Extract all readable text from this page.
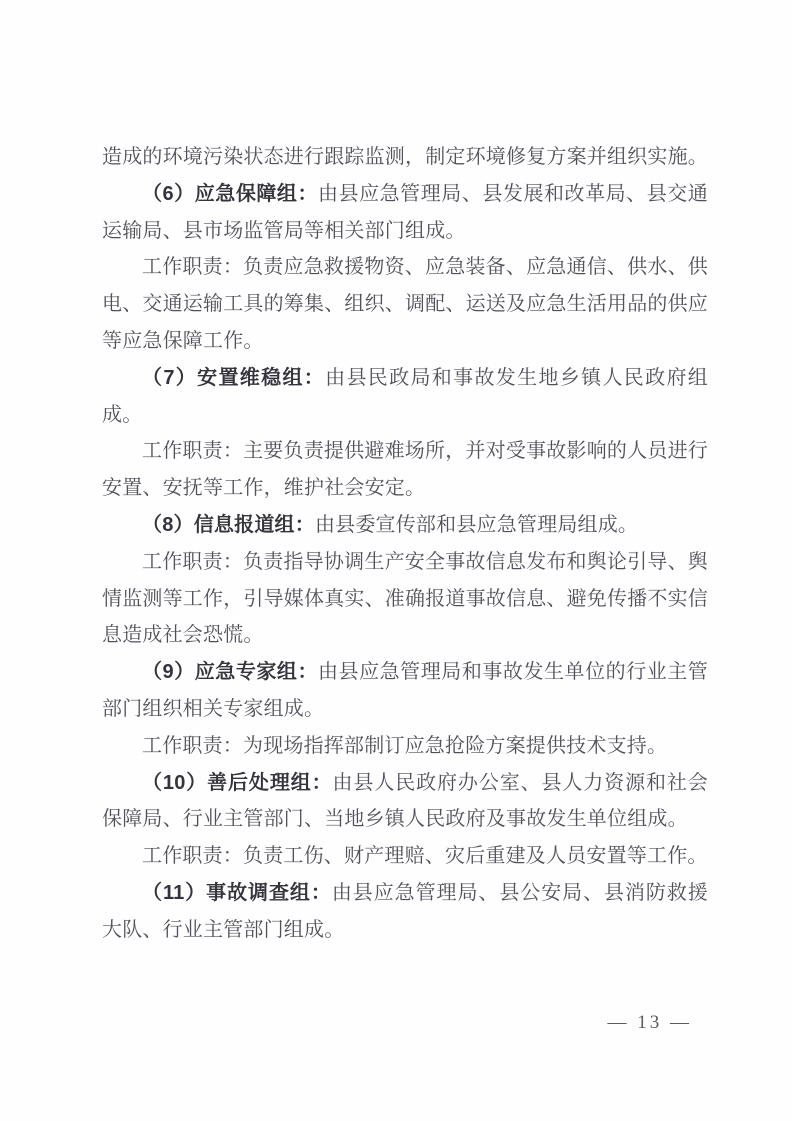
造成的环境污染状态进行跟踪监测，制定环境修复方案并组织实施。

（6）应急保障组：由县应急管理局、县发展和改革局、县交通运输局、县市场监管局等相关部门组成。

工作职责：负责应急救援物资、应急装备、应急通信、供水、供电、交通运输工具的筹集、组织、调配、运送及应急生活用品的供应等应急保障工作。

（7）安置维稳组：由县民政局和事故发生地乡镇人民政府组成。

工作职责：主要负责提供避难场所，并对受事故影响的人员进行安置、安抚等工作，维护社会安定。

（8）信息报道组：由县委宣传部和县应急管理局组成。

工作职责：负责指导协调生产安全事故信息发布和舆论引导、舆情监测等工作，引导媒体真实、准确报道事故信息、避免传播不实信息造成社会恐慌。

（9）应急专家组：由县应急管理局和事故发生单位的行业主管部门组织相关专家组成。

工作职责：为现场指挥部制订应急抢险方案提供技术支持。

（10）善后处理组：由县人民政府办公室、县人力资源和社会保障局、行业主管部门、当地乡镇人民政府及事故发生单位组成。

工作职责：负责工伤、财产理赔、灾后重建及人员安置等工作。

（11）事故调查组：由县应急管理局、县公安局、县消防救援大队、行业主管部门组成。

— 13 —
